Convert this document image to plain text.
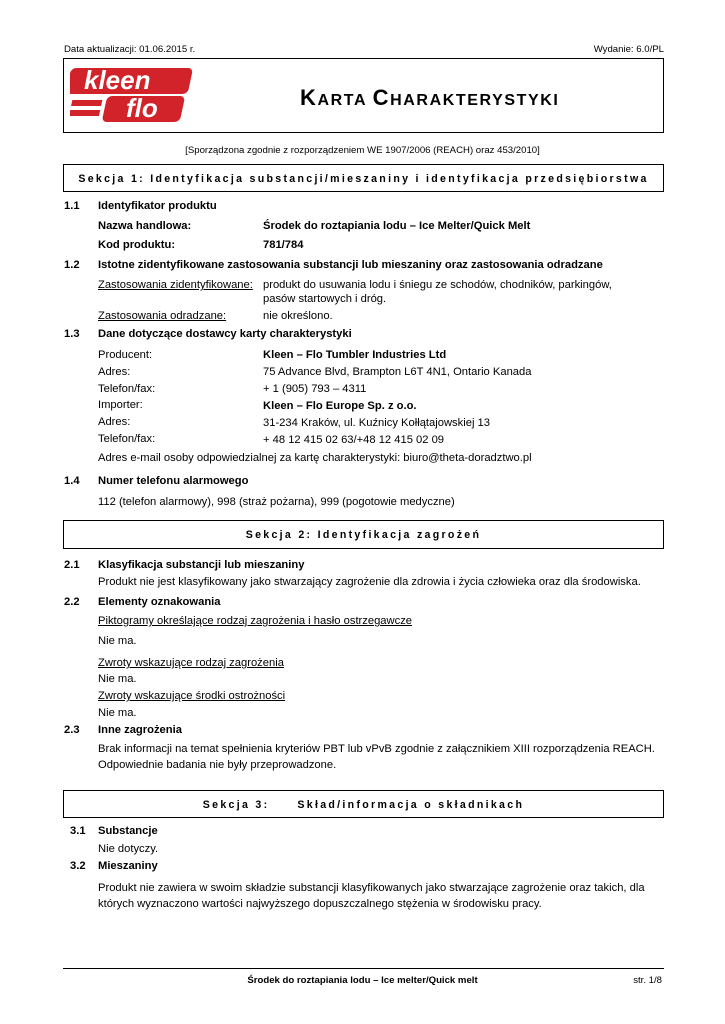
Data aktualizacji: 01.06.2015 r.	Wydanie: 6.0/PL
kleen
flo	KARTA CHARAKTERYSTYKI
[Sporządzona zgodnie z rozporządzeniem WE 1907/2006 (REACH) oraz 453/2010]
Sekcja 1: Identyfikacja substancji/mieszaniny i identyfikacja przedsiębiorstwa
1.1 Identyfikator produktu
Nazwa handlowa:	Środek do roztapiania lodu – Ice Melter/Quick Melt
Kod produktu:	781/784
1.2 Istotne zidentyfikowane zastosowania substancji lub mieszaniny oraz zastosowania odradzane
Zastosowania zidentyfikowane: produkt do usuwania lodu i śniegu ze schodów, chodników, parkingów,
pasów startowych i dróg.
Zastosowania odradzane:	nie określono.
1.3 Dane dotyczące dostawcy karty charakterystyki
Producent:	Kleen – Flo Tumbler Industries Ltd
Adres:	75 Advance Blvd, Brampton L6T 4N1, Ontario Kanada
Telefon/fax:	+ 1 (905) 793 – 4311
Importer:	Kleen – Flo Europe Sp. z o.o.
Adres:	31-234 Kraków, ul. Kuźnicy Kołłątajowskiej 13
Telefon/fax:	+ 48 12 415 02 63/+48 12 415 02 09
Adres e-mail osoby odpowiedzialnej za kartę charakterystyki: biuro@theta-doradztwo.pl
1.4 Numer telefonu alarmowego
112 (telefon alarmowy), 998 (straż pożarna), 999 (pogotowie medyczne)
Sekcja 2: Identyfikacja zagrożeń
2.1 Klasyfikacja substancji lub mieszaniny
Produkt nie jest klasyfikowany jako stwarzający zagrożenie dla zdrowia i życia człowieka oraz dla środowiska.
2.2 Elementy oznakowania
Piktogramy określające rodzaj zagrożenia i hasło ostrzegawcze
Nie ma.
Zwroty wskazujące rodzaj zagrożenia
Nie ma.
Zwroty wskazujące środki ostrożności
Nie ma.
2.3 Inne zagrożenia
Brak informacji na temat spełnienia kryteriów PBT lub vPvB zgodnie z załącznikiem XIII rozporządzenia REACH.
Odpowiednie badania nie były przeprowadzone.
Sekcja 3:	Skład/informacja o składnikach
3.1 Substancje
Nie dotyczy.
3.2 Mieszaniny
Produkt nie zawiera w swoim składzie substancji klasyfikowanych jako stwarzające zagrożenie oraz takich, dla
których wyznaczono wartości najwyższego dopuszczalnego stężenia w środowisku pracy.
Środek do roztapiania lodu – Ice melter/Quick melt	str. 1/8
